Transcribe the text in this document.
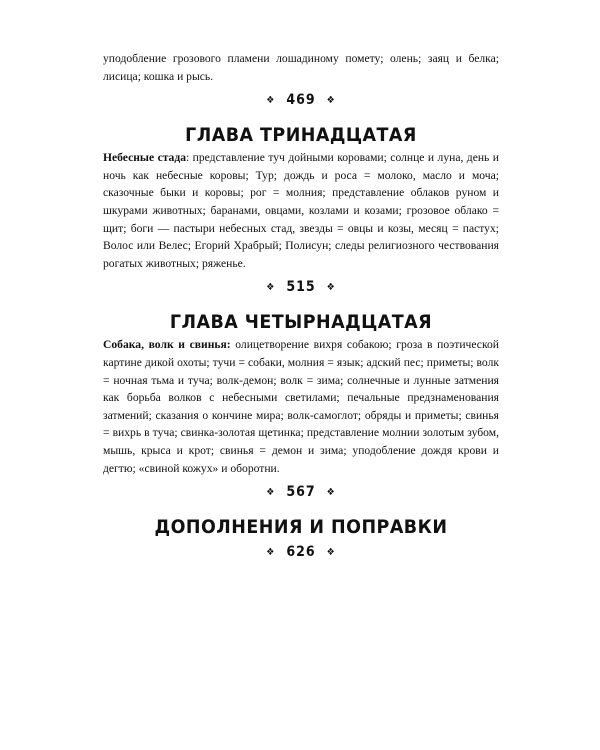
уподобление грозового пламени лошадиному помету; олень; заяц и белка; лисица; кошка и рысь.

❖ 469 ❖
ГЛАВА ТРИНАДЦАТАЯ

Небесные стада: представление туч дойными коровами; солнце и луна, день и ночь как небесные коровы; Тур; дождь и роса = молоко, масло и моча; сказочные быки и коровы; рог = молния; представление облаков руном и шкурами животных; баранами, овцами, козлами и козами; грозовое облако = щит; боги — пастыри небесных стад, звезды = овцы и козы, месяц = пастух; Волос или Велес; Егорий Храбрый; Полисун; следы религиозного чествования рогатых животных; ряженье.

❖ 515 ❖
ГЛАВА ЧЕТЫРНАДЦАТАЯ

Собака, волк и свинья: олицетворение вихря собакою; гроза в поэтической картине дикой охоты; тучи = собаки, молния = язык; адский пес; приметы; волк = ночная тьма и туча; волк-демон; волк = зима; солнечные и лунные затмения как борьба волков с небесными светилами; печальные предзнаменования затмений; сказания о кончине мира; волк-самоглот; обряды и приметы; свинья = вихрь в туча; свинка-золотая щетинка; представление молнии золотым зубом, мышь, крыса и крот; свинья = демон и зима; уподобление дождя крови и дегтю; «свиной кожух» и оборотни.

❖ 567 ❖
ДОПОЛНЕНИЯ И ПОПРАВКИ
❖ 626 ❖
